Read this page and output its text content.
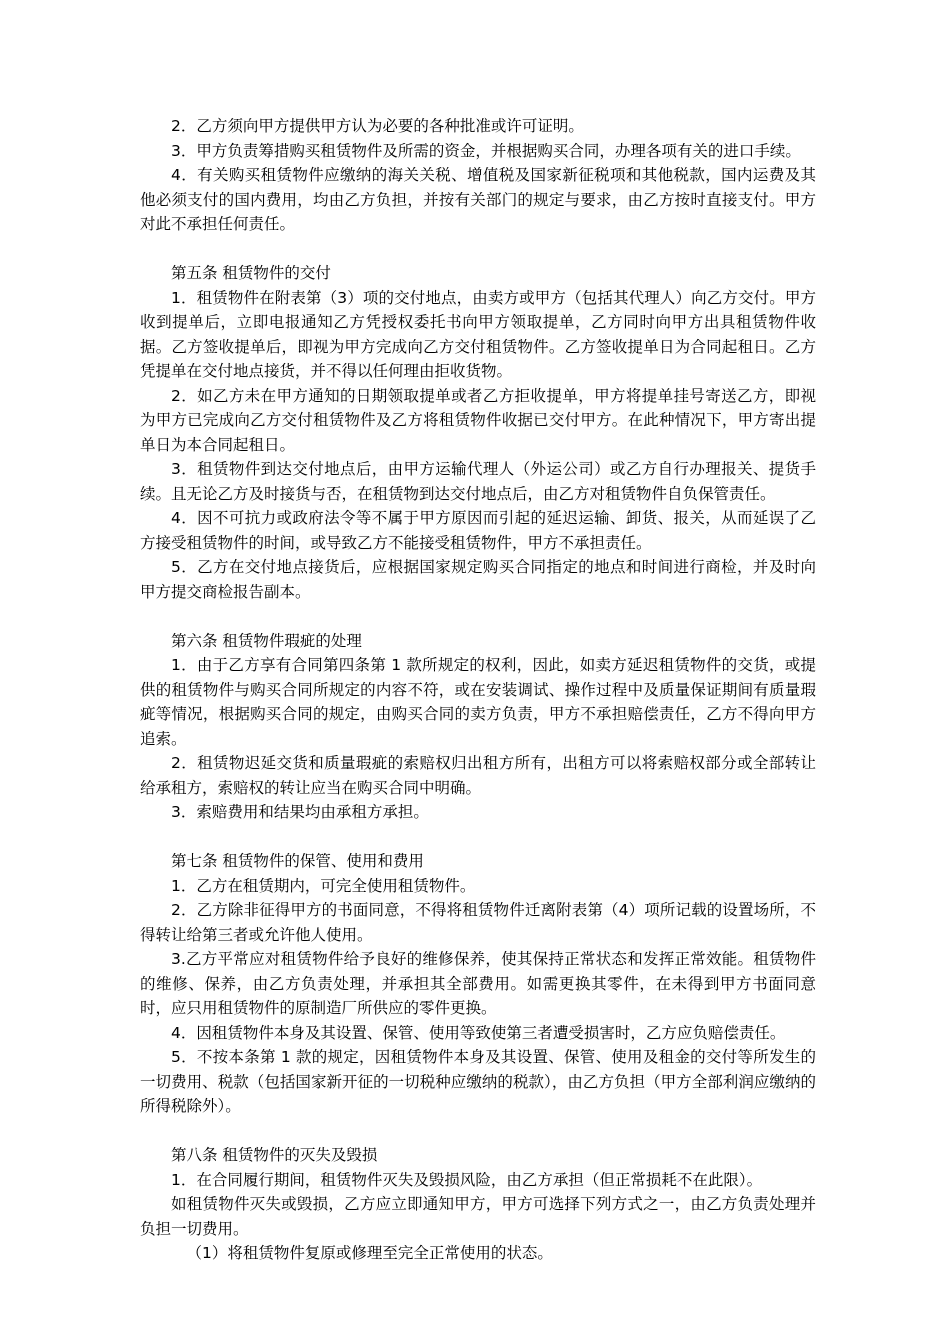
2．乙方须向甲方提供甲方认为必要的各种批准或许可证明。

3．甲方负责筹措购买租赁物件及所需的资金，并根据购买合同，办理各项有关的进口手续。

4．有关购买租赁物件应缴纳的海关关税、增值税及国家新征税项和其他税款，国内运费及其他必须支付的国内费用，均由乙方负担，并按有关部门的规定与要求，由乙方按时直接支付。甲方对此不承担任何责任。

第五条 租赁物件的交付

1．租赁物件在附表第（3）项的交付地点，由卖方或甲方（包括其代理人）向乙方交付。甲方收到提单后，立即电报通知乙方凭授权委托书向甲方领取提单，乙方同时向甲方出具租赁物件收据。乙方签收提单后，即视为甲方完成向乙方交付租赁物件。乙方签收提单日为合同起租日。乙方凭提单在交付地点接货，并不得以任何理由拒收货物。

2．如乙方未在甲方通知的日期领取提单或者乙方拒收提单，甲方将提单挂号寄送乙方，即视为甲方已完成向乙方交付租赁物件及乙方将租赁物件收据已交付甲方。在此种情况下，甲方寄出提单日为本合同起租日。

3．租赁物件到达交付地点后，由甲方运输代理人（外运公司）或乙方自行办理报关、提货手续。且无论乙方及时接货与否，在租赁物到达交付地点后，由乙方对租赁物件自负保管责任。

4．因不可抗力或政府法令等不属于甲方原因而引起的延迟运输、卸货、报关，从而延误了乙方接受租赁物件的时间，或导致乙方不能接受租赁物件，甲方不承担责任。

5．乙方在交付地点接货后，应根据国家规定购买合同指定的地点和时间进行商检，并及时向甲方提交商检报告副本。

第六条 租赁物件瑕疵的处理

1．由于乙方享有合同第四条第 1 款所规定的权利，因此，如卖方延迟租赁物件的交货，或提供的租赁物件与购买合同所规定的内容不符，或在安装调试、操作过程中及质量保证期间有质量瑕疵等情况，根据购买合同的规定，由购买合同的卖方负责，甲方不承担赔偿责任，乙方不得向甲方追索。

2．租赁物迟延交货和质量瑕疵的索赔权归出租方所有，出租方可以将索赔权部分或全部转让给承租方，索赔权的转让应当在购买合同中明确。

3．索赔费用和结果均由承租方承担。

第七条 租赁物件的保管、使用和费用

1．乙方在租赁期内，可完全使用租赁物件。

2．乙方除非征得甲方的书面同意，不得将租赁物件迁离附表第（4）项所记载的设置场所，不得转让给第三者或允许他人使用。

3.乙方平常应对租赁物件给予良好的维修保养，使其保持正常状态和发挥正常效能。租赁物件的维修、保养，由乙方负责处理，并承担其全部费用。如需更换其零件，在未得到甲方书面同意时，应只用租赁物件的原制造厂所供应的零件更换。

4．因租赁物件本身及其设置、保管、使用等致使第三者遭受损害时，乙方应负赔偿责任。

5．不按本条第 1 款的规定，因租赁物件本身及其设置、保管、使用及租金的交付等所发生的一切费用、税款（包括国家新开征的一切税种应缴纳的税款），由乙方负担（甲方全部利润应缴纳的所得税除外）。

第八条 租赁物件的灭失及毁损

1．在合同履行期间，租赁物件灭失及毁损风险，由乙方承担（但正常损耗不在此限）。

如租赁物件灭失或毁损，乙方应立即通知甲方，甲方可选择下列方式之一，由乙方负责处理并负担一切费用。

（1）将租赁物件复原或修理至完全正常使用的状态。
